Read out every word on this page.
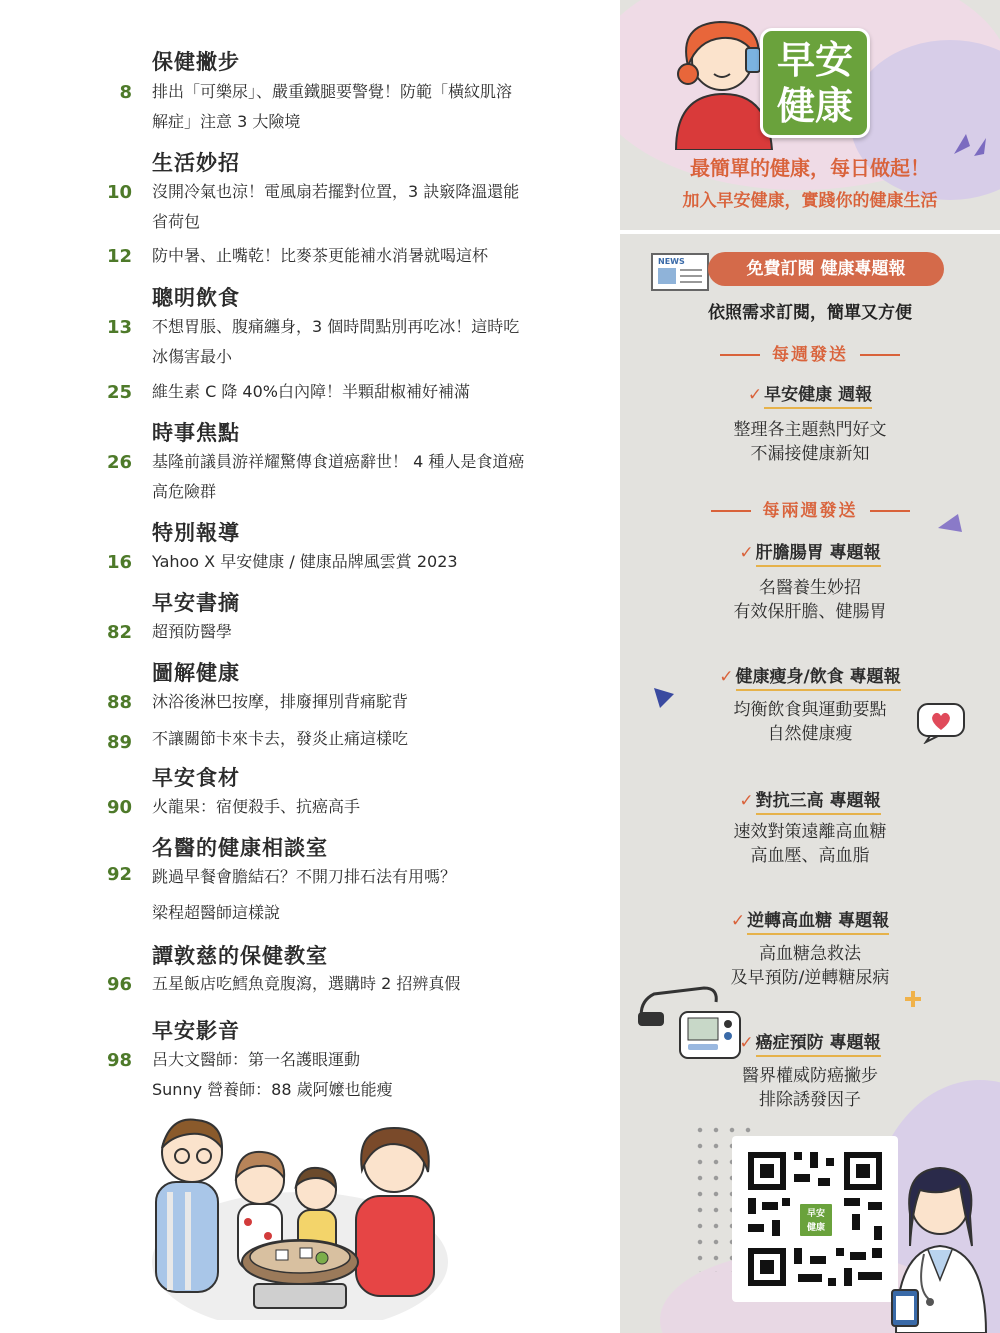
保健撇步
8 排出「可樂尿」、嚴重鐵腿要警覺！防範「橫紋肌溶
解症」注意 3 大險境
生活妙招
10 沒開冷氣也涼！電風扇若擺對位置，3 訣竅降溫還能
省荷包
12 防中暑、止嘴乾！比麥茶更能補水消暑就喝這杯
聰明飲食
13 不想胃脹、腹痛纏身，3 個時間點別再吃冰！這時吃
冰傷害最小
25 維生素 C 降 40%白內障！半顆甜椒補好補滿
時事焦點
26 基隆前議員游祥耀驚傳食道癌辭世！ 4 種人是食道癌
高危險群
特別報導
16 Yahoo X 早安健康 / 健康品牌風雲賞 2023
早安書摘
82 超預防醫學
圖解健康
88 沐浴後淋巴按摩，排廢揮別背痛駝背
89 不讓關節卡來卡去，發炎止痛這樣吃
早安食材
90 火龍果：宿便殺手、抗癌高手
名醫的健康相談室
92 跳過早餐會膽結石？不開刀排石法有用嗎？
梁程超醫師這樣說
譚敦慈的保健教室
96 五星飯店吃鱈魚竟腹瀉，選購時 2 招辨真假
早安影音
98 呂大文醫師：第一名護眼運動
Sunny 營養師：88 歲阿嬤也能瘦
早安
健康
最簡單的健康，每日做起！
加入早安健康，實踐你的健康生活
NEWS	免費訂閱 健康專題報
依照需求訂閱，簡單又方便
每週發送
✓ 早安健康 週報
整理各主題熱門好文
不漏接健康新知
每兩週發送
✓ 肝膽腸胃 專題報
名醫養生妙招
有效保肝膽、健腸胃
✓ 健康瘦身/飲食 專題報
均衡飲食與運動要點
自然健康瘦
✓ 對抗三高 專題報
速效對策遠離高血糖
高血壓、高血脂
✓ 逆轉高血糖 專題報
高血糖急救法
及早預防/逆轉糖尿病
✓ 癌症預防 專題報
醫界權威防癌撇步
排除誘發因子
早安
健康
